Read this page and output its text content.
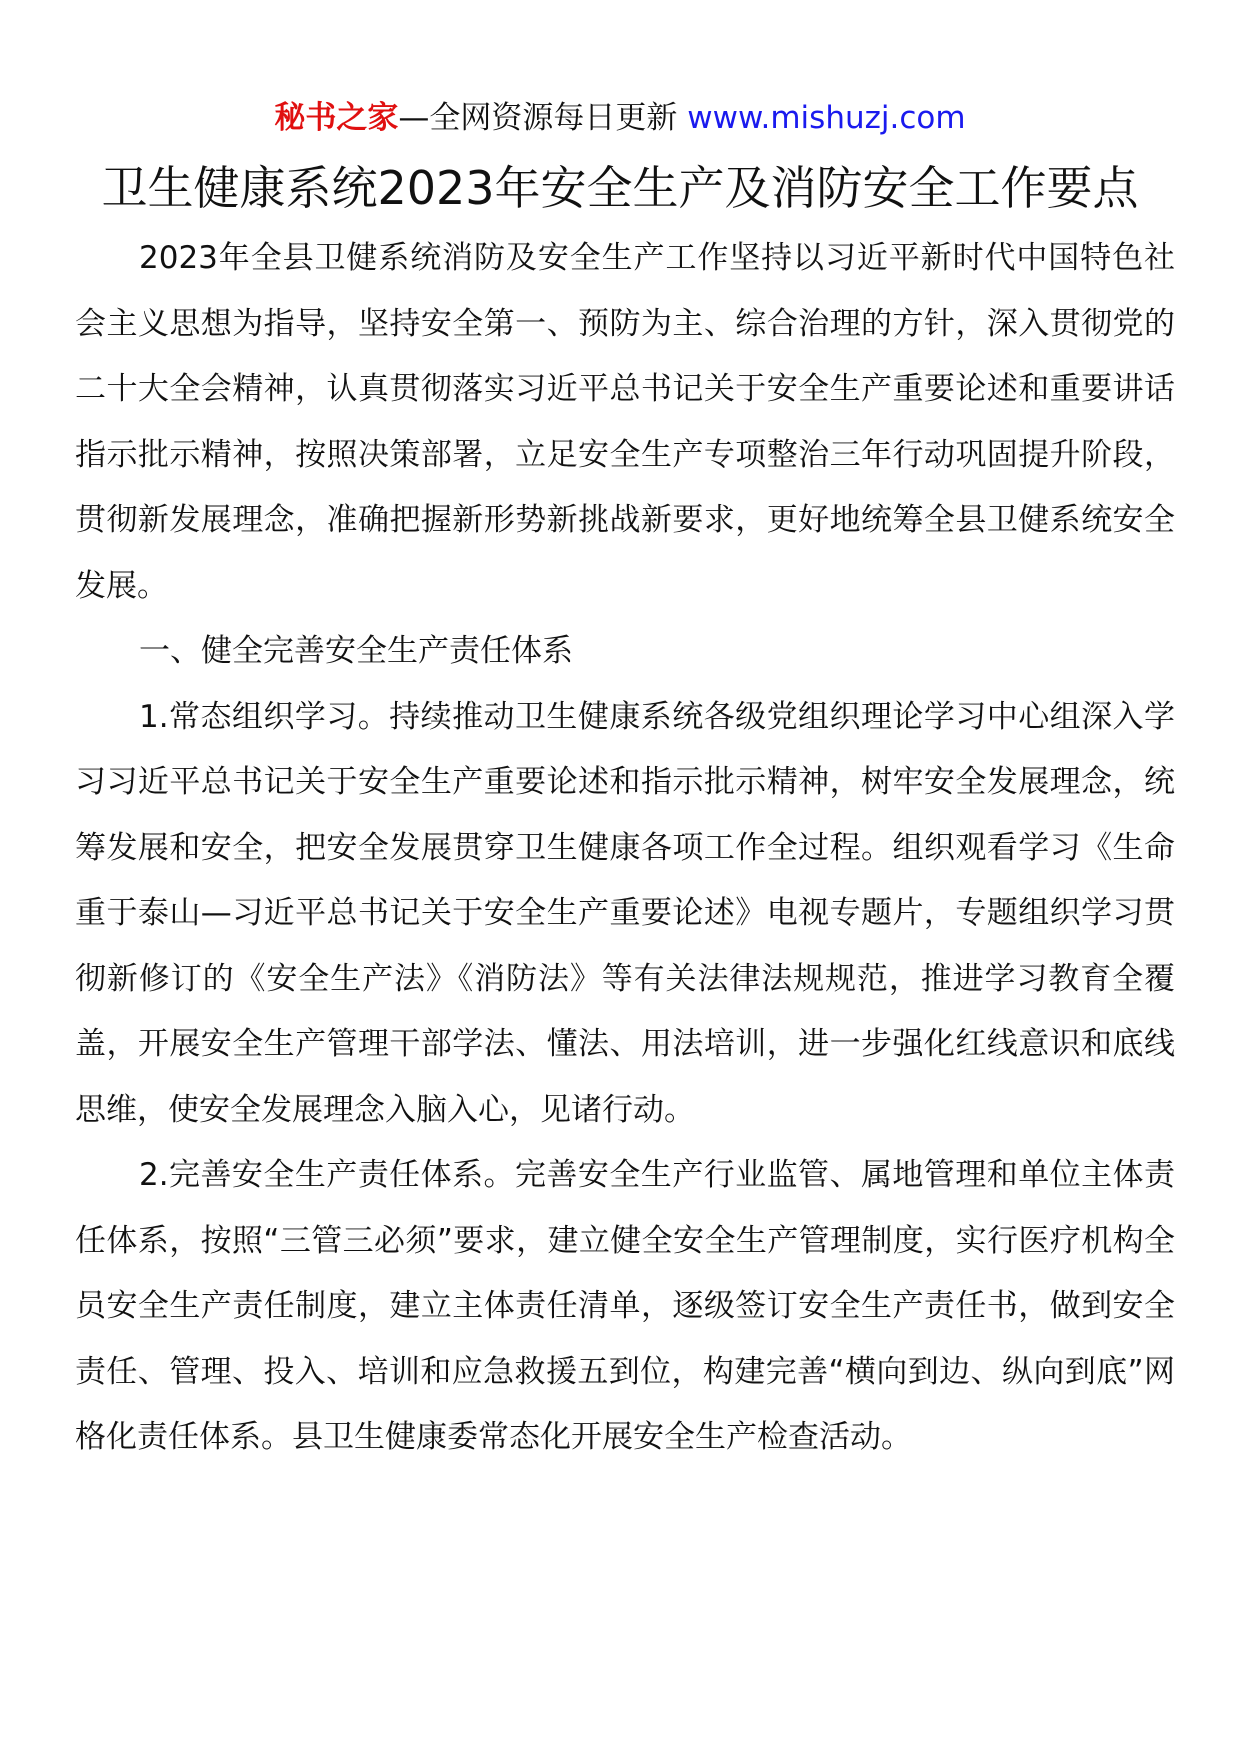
秘书之家—全网资源每日更新 www.mishuzj.com
卫生健康系统2023年安全生产及消防安全工作要点

2023年全县卫健系统消防及安全生产工作坚持以习近平新时代中国特色社会主义思想为指导，坚持安全第一、预防为主、综合治理的方针，深入贯彻党的二十大全会精神，认真贯彻落实习近平总书记关于安全生产重要论述和重要讲话指示批示精神，按照决策部署，立足安全生产专项整治三年行动巩固提升阶段，贯彻新发展理念，准确把握新形势新挑战新要求，更好地统筹全县卫健系统安全发展。

一、健全完善安全生产责任体系

1.常态组织学习。持续推动卫生健康系统各级党组织理论学习中心组深入学习习近平总书记关于安全生产重要论述和指示批示精神，树牢安全发展理念，统筹发展和安全，把安全发展贯穿卫生健康各项工作全过程。组织观看学习《生命重于泰山—习近平总书记关于安全生产重要论述》电视专题片，专题组织学习贯彻新修订的《安全生产法》《消防法》等有关法律法规规范，推进学习教育全覆盖，开展安全生产管理干部学法、懂法、用法培训，进一步强化红线意识和底线思维，使安全发展理念入脑入心，见诸行动。

2.完善安全生产责任体系。完善安全生产行业监管、属地管理和单位主体责任体系，按照“三管三必须”要求，建立健全安全生产管理制度，实行医疗机构全员安全生产责任制度，建立主体责任清单，逐级签订安全生产责任书，做到安全责任、管理、投入、培训和应急救援五到位，构建完善“横向到边、纵向到底”网格化责任体系。县卫生健康委常态化开展安全生产检查活动。
